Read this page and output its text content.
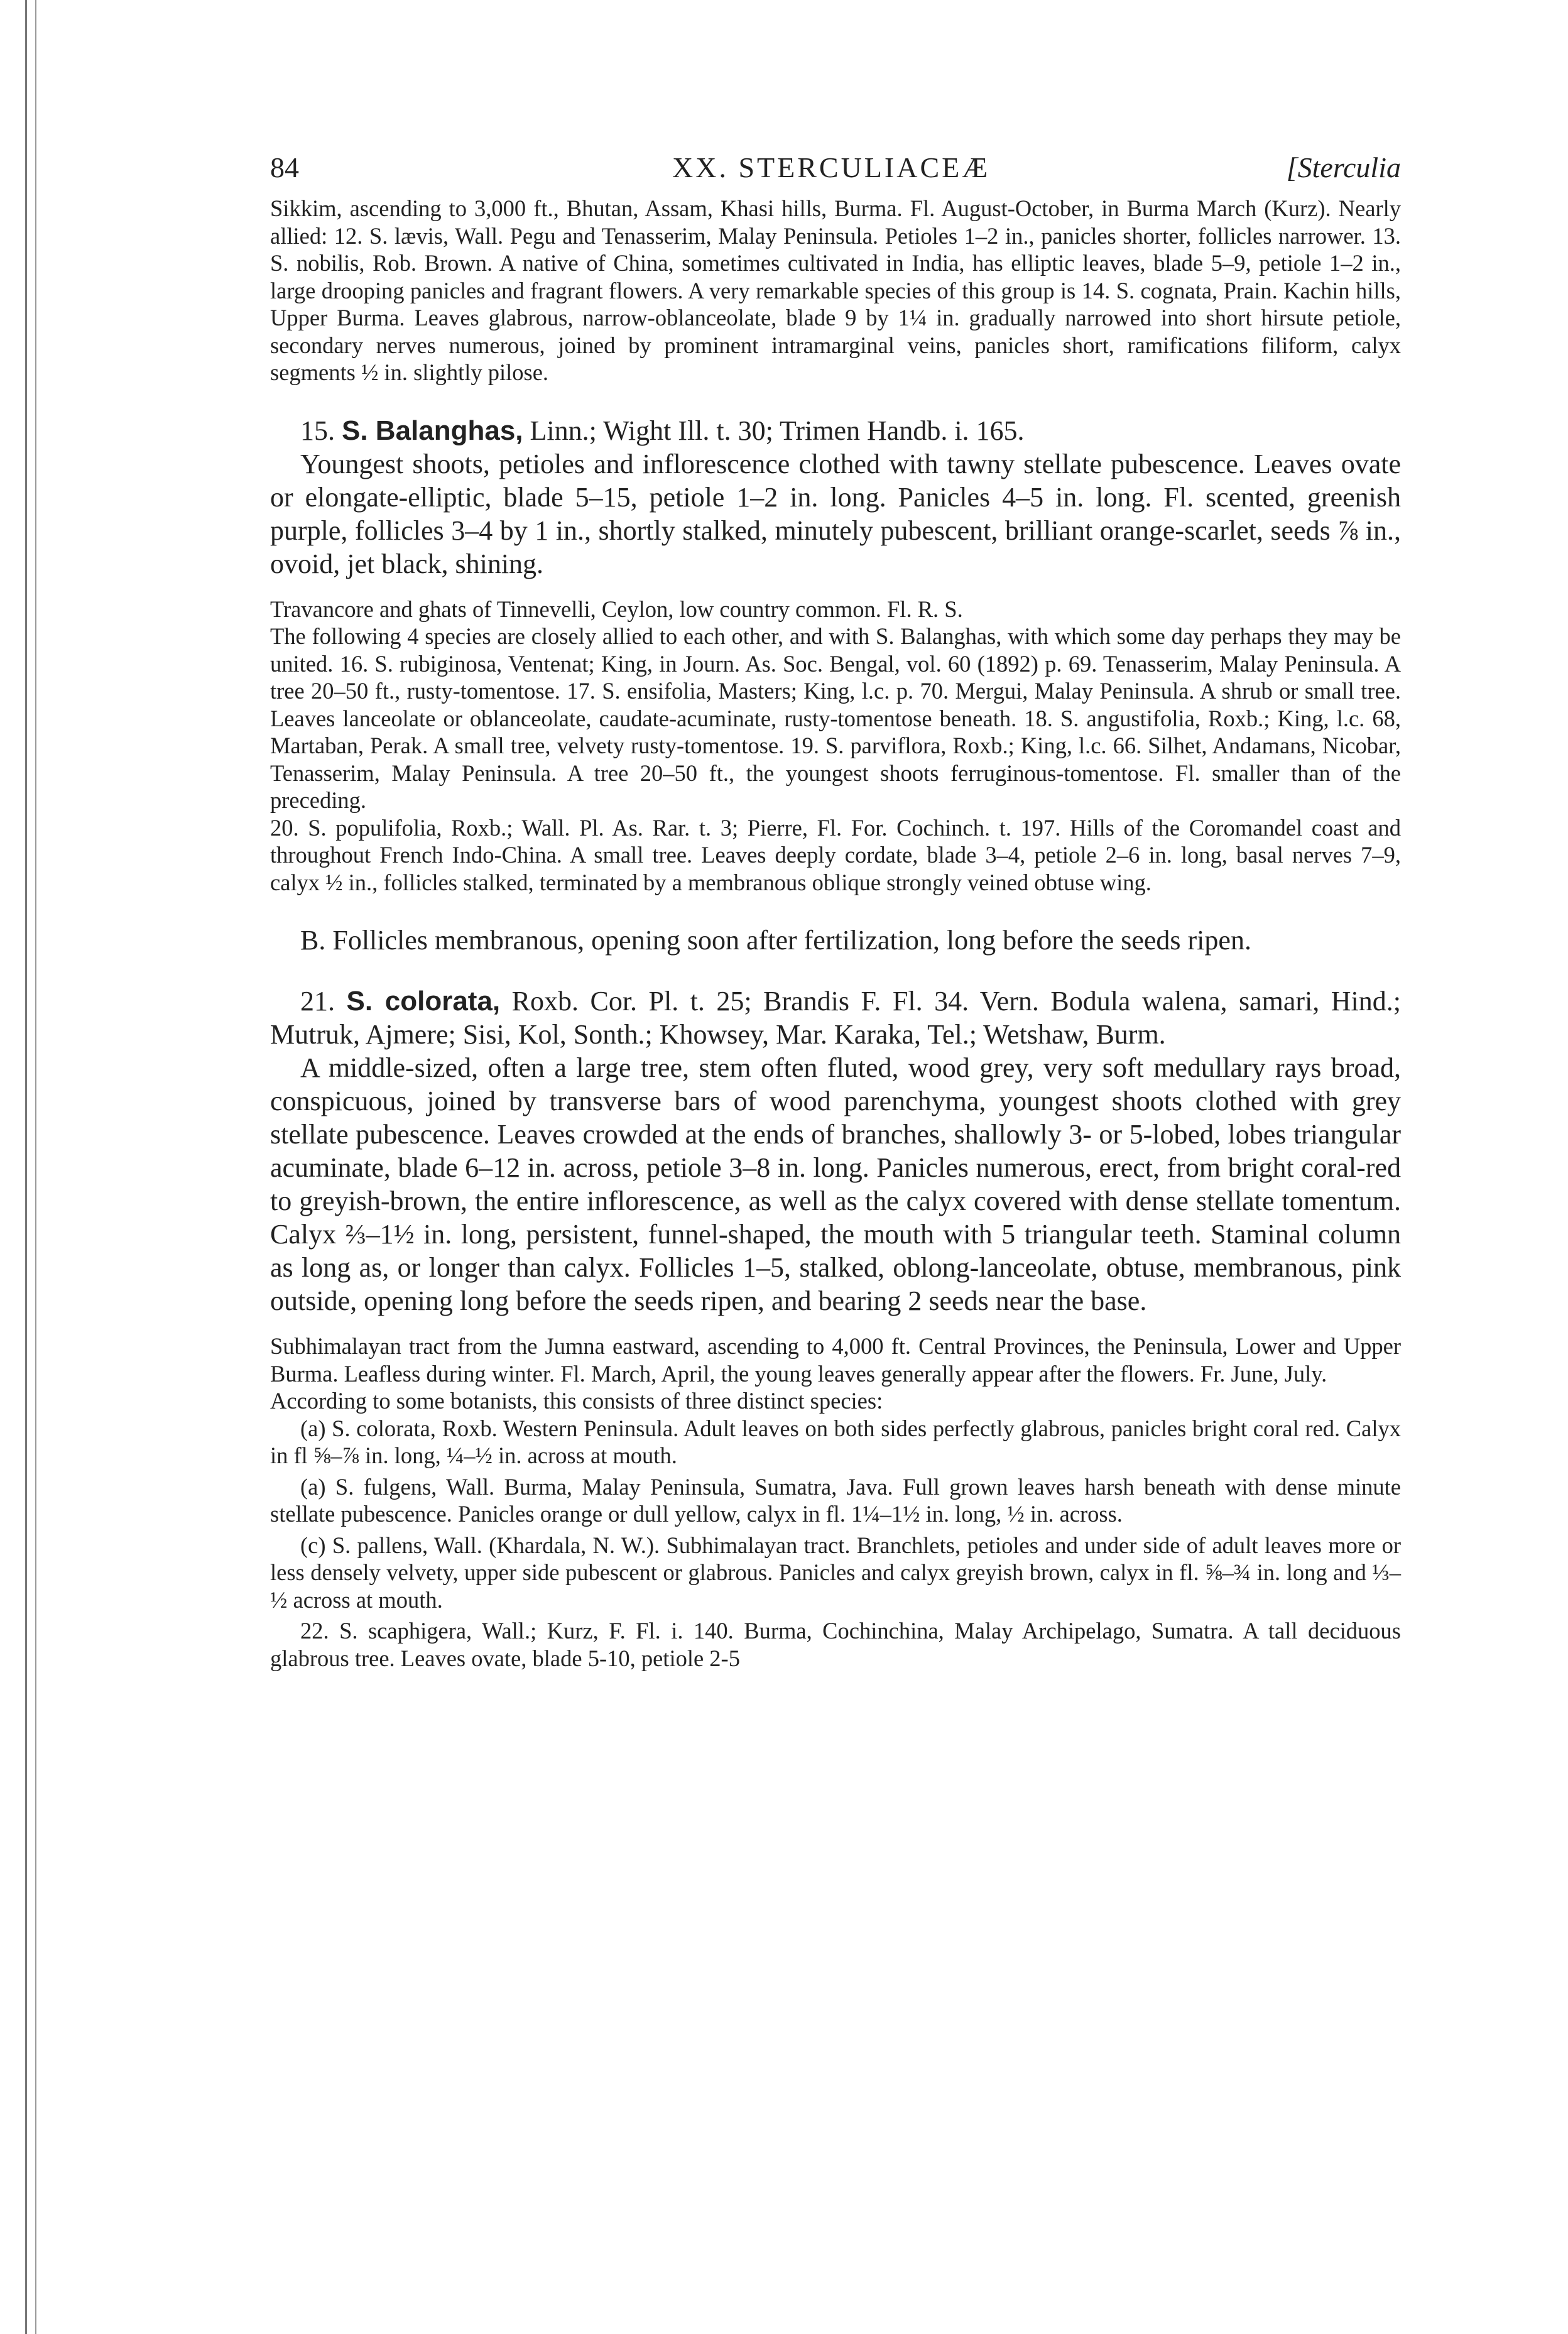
84	XX. STERCULIACEÆ	[Sterculia

Sikkim, ascending to 3,000 ft., Bhutan, Assam, Khasi hills, Burma. Fl. August-October, in Burma March (Kurz). Nearly allied: 12. S. lævis, Wall. Pegu and Tenasserim, Malay Peninsula. Petioles 1–2 in., panicles shorter, follicles narrower. 13. S. nobilis, Rob. Brown. A native of China, sometimes cultivated in India, has elliptic leaves, blade 5–9, petiole 1–2 in., large drooping panicles and fragrant flowers. A very remarkable species of this group is 14. S. cognata, Prain. Kachin hills, Upper Burma. Leaves glabrous, narrow-oblanceolate, blade 9 by 1¼ in. gradually narrowed into short hirsute petiole, secondary nerves numerous, joined by prominent intramarginal veins, panicles short, ramifications filiform, calyx segments ½ in. slightly pilose.

15. S. Balanghas, Linn.; Wight Ill. t. 30; Trimen Handb. i. 165.

Youngest shoots, petioles and inflorescence clothed with tawny stellate pubescence. Leaves ovate or elongate-elliptic, blade 5–15, petiole 1–2 in. long. Panicles 4–5 in. long. Fl. scented, greenish purple, follicles 3–4 by 1 in., shortly stalked, minutely pubescent, brilliant orange-scarlet, seeds ⅞ in., ovoid, jet black, shining.

Travancore and ghats of Tinnevelli, Ceylon, low country common. Fl. R. S.

The following 4 species are closely allied to each other, and with S. Balanghas, with which some day perhaps they may be united. 16. S. rubiginosa, Ventenat; King, in Journ. As. Soc. Bengal, vol. 60 (1892) p. 69. Tenasserim, Malay Peninsula. A tree 20–50 ft., rusty-tomentose. 17. S. ensifolia, Masters; King, l.c. p. 70. Mergui, Malay Peninsula. A shrub or small tree. Leaves lanceolate or oblanceolate, caudate-acuminate, rusty-tomentose beneath. 18. S. angustifolia, Roxb.; King, l.c. 68, Martaban, Perak. A small tree, velvety rusty-tomentose. 19. S. parviflora, Roxb.; King, l.c. 66. Silhet, Andamans, Nicobar, Tenasserim, Malay Peninsula. A tree 20–50 ft., the youngest shoots ferruginous-tomentose. Fl. smaller than of the preceding.

20. S. populifolia, Roxb.; Wall. Pl. As. Rar. t. 3; Pierre, Fl. For. Cochinch. t. 197. Hills of the Coromandel coast and throughout French Indo-China. A small tree. Leaves deeply cordate, blade 3–4, petiole 2–6 in. long, basal nerves 7–9, calyx ½ in., follicles stalked, terminated by a membranous oblique strongly veined obtuse wing.

B. Follicles membranous, opening soon after fertilization, long before the seeds ripen.

21. S. colorata, Roxb. Cor. Pl. t. 25; Brandis F. Fl. 34. Vern. Bodula walena, samari, Hind.; Mutruk, Ajmere; Sisi, Kol, Sonth.; Khowsey, Mar. Karaka, Tel.; Wetshaw, Burm.

A middle-sized, often a large tree, stem often fluted, wood grey, very soft medullary rays broad, conspicuous, joined by transverse bars of wood parenchyma, youngest shoots clothed with grey stellate pubescence. Leaves crowded at the ends of branches, shallowly 3- or 5-lobed, lobes triangular acuminate, blade 6–12 in. across, petiole 3–8 in. long. Panicles numerous, erect, from bright coral-red to greyish-brown, the entire inflorescence, as well as the calyx covered with dense stellate tomentum. Calyx ⅔–1½ in. long, persistent, funnel-shaped, the mouth with 5 triangular teeth. Staminal column as long as, or longer than calyx. Follicles 1–5, stalked, oblong-lanceolate, obtuse, membranous, pink outside, opening long before the seeds ripen, and bearing 2 seeds near the base.

Subhimalayan tract from the Jumna eastward, ascending to 4,000 ft. Central Provinces, the Peninsula, Lower and Upper Burma. Leafless during winter. Fl. March, April, the young leaves generally appear after the flowers. Fr. June, July.

According to some botanists, this consists of three distinct species:

(a) S. colorata, Roxb. Western Peninsula. Adult leaves on both sides perfectly glabrous, panicles bright coral red. Calyx in fl ⅝–⅞ in. long, ¼–½ in. across at mouth.

(a) S. fulgens, Wall. Burma, Malay Peninsula, Sumatra, Java. Full grown leaves harsh beneath with dense minute stellate pubescence. Panicles orange or dull yellow, calyx in fl. 1¼–1½ in. long, ½ in. across.

(c) S. pallens, Wall. (Khardala, N. W.). Subhimalayan tract. Branchlets, petioles and under side of adult leaves more or less densely velvety, upper side pubescent or glabrous. Panicles and calyx greyish brown, calyx in fl. ⅝–¾ in. long and ⅓–½ across at mouth.

22. S. scaphigera, Wall.; Kurz, F. Fl. i. 140. Burma, Cochinchina, Malay Archipelago, Sumatra. A tall deciduous glabrous tree. Leaves ovate, blade 5-10, petiole 2-5
